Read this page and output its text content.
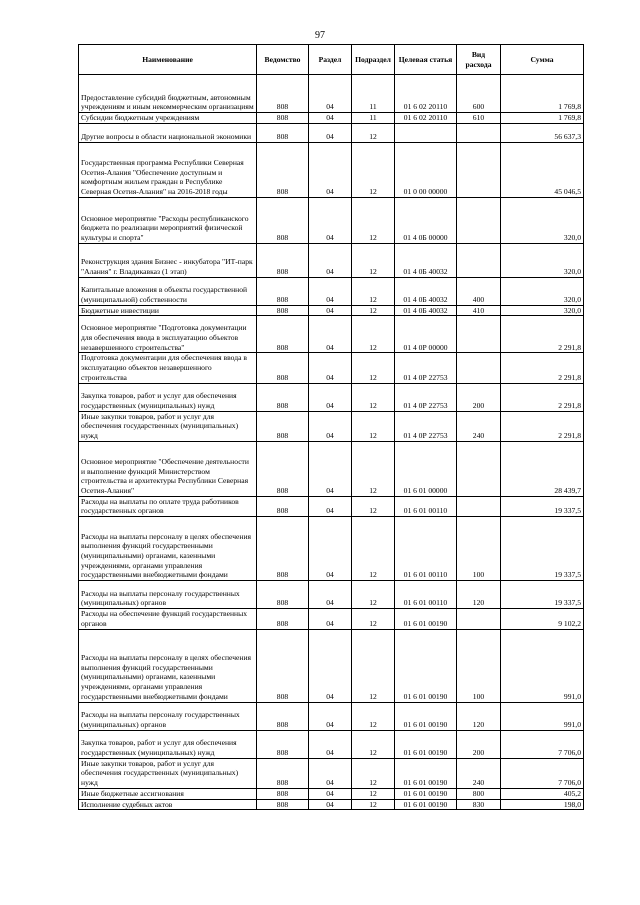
97
Наименование	Ведомство	Раздел	Подраздел	Целевая статья	Вид расхода	Сумма
Предоставление субсидий бюджетным, автономным учреждениям и иным некоммерческим организациям	808	04	11	01 6 02 20110	600	1 769,8
Субсидии бюджетным учреждениям	808	04	11	01 6 02 20110	610	1 769,8
Другие вопросы в области национальной экономики	808	04	12			56 637,3
Государственная программа Республики Северная Осетия-Алания "Обеспечение доступным и комфортным жильем граждан в Республике Северная Осетия-Алания" на 2016-2018 годы	808	04	12	01 0 00 00000		45 046,5
Основное мероприятие "Расходы республиканского бюджета по реализации мероприятий физической культуры и спорта"	808	04	12	01 4 0Б 00000		320,0
Реконструкция здания Бизнес - инкубатора "ИТ-парк "Алания" г. Владикавказ (1 этап)	808	04	12	01 4 0Б 40032		320,0
Капитальные вложения в объекты государственной (муниципальной) собственности	808	04	12	01 4 0Б 40032	400	320,0
Бюджетные инвестиции	808	04	12	01 4 0Б 40032	410	320,0
Основное мероприятие "Подготовка документации для обеспечения ввода в эксплуатацию объектов незавершенного строительства"	808	04	12	01 4 0Р 00000		2 291,8
Подготовка документации для обеспечения ввода в эксплуатацию объектов незавершенного строительства	808	04	12	01 4 0Р 22753		2 291,8
Закупка товаров, работ и услуг для обеспечения государственных (муниципальных) нужд	808	04	12	01 4 0Р 22753	200	2 291,8
Иные закупки товаров, работ и услуг для обеспечения государственных (муниципальных) нужд	808	04	12	01 4 0Р 22753	240	2 291,8
Основное мероприятие "Обеспечение деятельности и выполнение функций Министерством строительства и архитектуры Республики Северная Осетия-Алания"	808	04	12	01 6 01 00000		28 439,7
Расходы на выплаты по оплате труда работников государственных органов	808	04	12	01 6 01 00110		19 337,5
Расходы на выплаты персоналу в целях обеспечения выполнения функций государственными (муниципальными) органами, казенными учреждениями, органами управления государственными внебюджетными фондами	808	04	12	01 6 01 00110	100	19 337,5
Расходы на выплаты персоналу государственных (муниципальных) органов	808	04	12	01 6 01 00110	120	19 337,5
Расходы на обеспечение функций государственных органов	808	04	12	01 6 01 00190		9 102,2
Расходы на выплаты персоналу в целях обеспечения выполнения функций государственными (муниципальными) органами, казенными учреждениями, органами управления государственными внебюджетными фондами	808	04	12	01 6 01 00190	100	991,0
Расходы на выплаты персоналу государственных (муниципальных) органов	808	04	12	01 6 01 00190	120	991,0
Закупка товаров, работ и услуг для обеспечения государственных (муниципальных) нужд	808	04	12	01 6 01 00190	200	7 706,0
Иные закупки товаров, работ и услуг для обеспечения государственных (муниципальных) нужд	808	04	12	01 6 01 00190	240	7 706,0
Иные бюджетные ассигнования	808	04	12	01 6 01 00190	800	405,2
Исполнение судебных актов	808	04	12	01 6 01 00190	830	198,0
